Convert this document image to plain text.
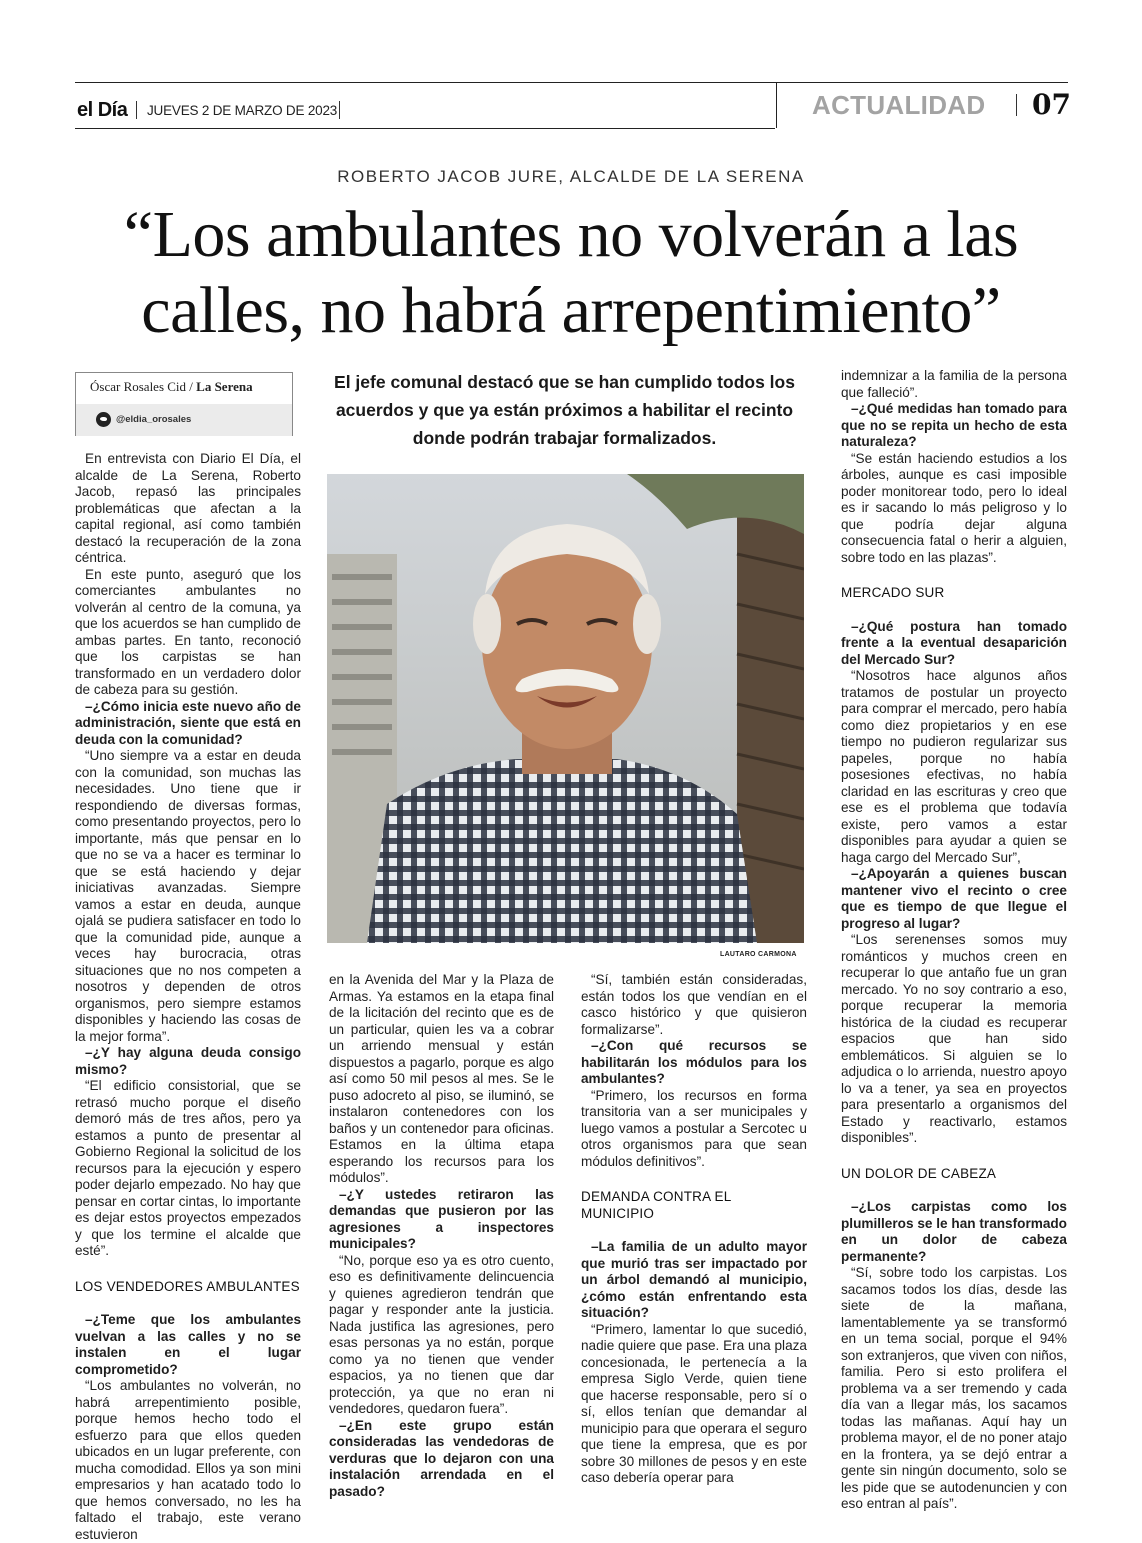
el Día JUEVES 2 DE MARZO DE 2023	ACTUALIDAD 07
ROBERTO JACOB JURE, ALCALDE DE LA SERENA
“Los ambulantes no volverán a las
calles, no habrá arrepentimiento”
Óscar Rosales Cid / La Serena
@eldia_orosales
El jefe comunal destacó que se han cumplido todos los acuerdos y que ya están próximos a habilitar el recinto donde podrán trabajar formalizados.
LAUTARO CARMONA

En entrevista con Diario El Día, el alcalde de La Serena, Roberto Jacob, repasó las principales problemáticas que afectan a la capital regional, así como también destacó la recuperación de la zona céntrica.

En este punto, aseguró que los comerciantes ambulantes no volverán al centro de la comuna, ya que los acuerdos se han cumplido de ambas partes. En tanto, reconoció que los carpistas se han transformado en un verdadero dolor de cabeza para su gestión.

–¿Cómo inicia este nuevo año de administración, siente que está en deuda con la comunidad?

“Uno siempre va a estar en deuda con la comunidad, son muchas las necesidades. Uno tiene que ir respondiendo de diversas formas, como presentando proyectos, pero lo importante, más que pensar en lo que no se va a hacer es terminar lo que se está haciendo y dejar iniciativas avanzadas. Siempre vamos a estar en deuda, aunque ojalá se pudiera satisfacer en todo lo que la comunidad pide, aunque a veces hay burocracia, otras situaciones que no nos competen a nosotros y dependen de otros organismos, pero siempre estamos disponibles y haciendo las cosas de la mejor forma”.

–¿Y hay alguna deuda consigo mismo?

“El edificio consistorial, que se retrasó mucho porque el diseño demoró más de tres años, pero ya estamos a punto de presentar al Gobierno Regional la solicitud de los recursos para la ejecución y espero poder dejarlo empezado. No hay que pensar en cortar cintas, lo importante es dejar estos proyectos empezados y que los termine el alcalde que esté”.

LOS VENDEDORES AMBULANTES

–¿Teme que los ambulantes vuelvan a las calles y no se instalen en el lugar comprometido?

“Los ambulantes no volverán, no habrá arrepentimiento posible, porque hemos hecho todo el esfuerzo para que ellos queden ubicados en un lugar preferente, con mucha comodidad. Ellos ya son mini empresarios y han acatado todo lo que hemos conversado, no les ha faltado el trabajo, este verano estuvieron

en la Avenida del Mar y la Plaza de Armas. Ya estamos en la etapa final de la licitación del recinto que es de un particular, quien les va a cobrar un arriendo mensual y están dispuestos a pagarlo, porque es algo así como 50 mil pesos al mes. Se le puso adocreto al piso, se iluminó, se instalaron contenedores con los baños y un contenedor para oficinas. Estamos en la última etapa esperando los recursos para los módulos”.

–¿Y ustedes retiraron las demandas que pusieron por las agresiones a inspectores municipales?

“No, porque eso ya es otro cuento, eso es definitivamente delincuencia y quienes agredieron tendrán que pagar y responder ante la justicia. Nada justifica las agresiones, pero esas personas ya no están, porque como ya no tienen que vender espacios, ya no tienen que dar protección, ya que no eran ni vendedores, quedaron fuera”.

–¿En este grupo están consideradas las vendedoras de verduras que lo dejaron con una instalación arrendada en el pasado?

“Sí, también están consideradas, están todos los que vendían en el casco histórico y que quisieron formalizarse”.

–¿Con qué recursos se habilitarán los módulos para los ambulantes?

“Primero, los recursos en forma transitoria van a ser municipales y luego vamos a postular a Sercotec u otros organismos para que sean módulos definitivos”.

DEMANDA CONTRA EL MUNICIPIO

–La familia de un adulto mayor que murió tras ser impactado por un árbol demandó al municipio, ¿cómo están enfrentando esta situación?

“Primero, lamentar lo que sucedió, nadie quiere que pase. Era una plaza concesionada, le pertenecía a la empresa Siglo Verde, quien tiene que hacerse responsable, pero sí o sí, ellos tenían que demandar al municipio para que operara el seguro que tiene la empresa, que es por sobre 30 millones de pesos y en este caso debería operar para

indemnizar a la familia de la persona que falleció”.

–¿Qué medidas han tomado para que no se repita un hecho de esta naturaleza?

“Se están haciendo estudios a los árboles, aunque es casi imposible poder monitorear todo, pero lo ideal es ir sacando lo más peligroso y lo que podría dejar alguna consecuencia fatal o herir a alguien, sobre todo en las plazas”.

MERCADO SUR

–¿Qué postura han tomado frente a la eventual desaparición del Mercado Sur?

“Nosotros hace algunos años tratamos de postular un proyecto para comprar el mercado, pero había como diez propietarios y en ese tiempo no pudieron regularizar sus papeles, porque no había posesiones efectivas, no había claridad en las escrituras y creo que ese es el problema que todavía existe, pero vamos a estar disponibles para ayudar a quien se haga cargo del Mercado Sur”,

–¿Apoyarán a quienes buscan mantener vivo el recinto o cree que es tiempo de que llegue el progreso al lugar?

“Los serenenses somos muy románticos y muchos creen en recuperar lo que antaño fue un gran mercado. Yo no soy contrario a eso, porque recuperar la memoria histórica de la ciudad es recuperar espacios que han sido emblemáticos. Si alguien se lo adjudica o lo arrienda, nuestro apoyo lo va a tener, ya sea en proyectos para presentarlo a organismos del Estado y reactivarlo, estamos disponibles”.

UN DOLOR DE CABEZA

–¿Los carpistas como los plumilleros se le han transformado en un dolor de cabeza permanente?

“Sí, sobre todo los carpistas. Los sacamos todos los días, desde las siete de la mañana, lamentablemente ya se transformó en un tema social, porque el 94% son extranjeros, que viven con niños, familia. Pero si esto prolifera el problema va a ser tremendo y cada día van a llegar más, los sacamos todas las mañanas. Aquí hay un problema mayor, el de no poner atajo en la frontera, ya se dejó entrar a gente sin ningún documento, solo se les pide que se autodenuncien y con eso entran al país”.
